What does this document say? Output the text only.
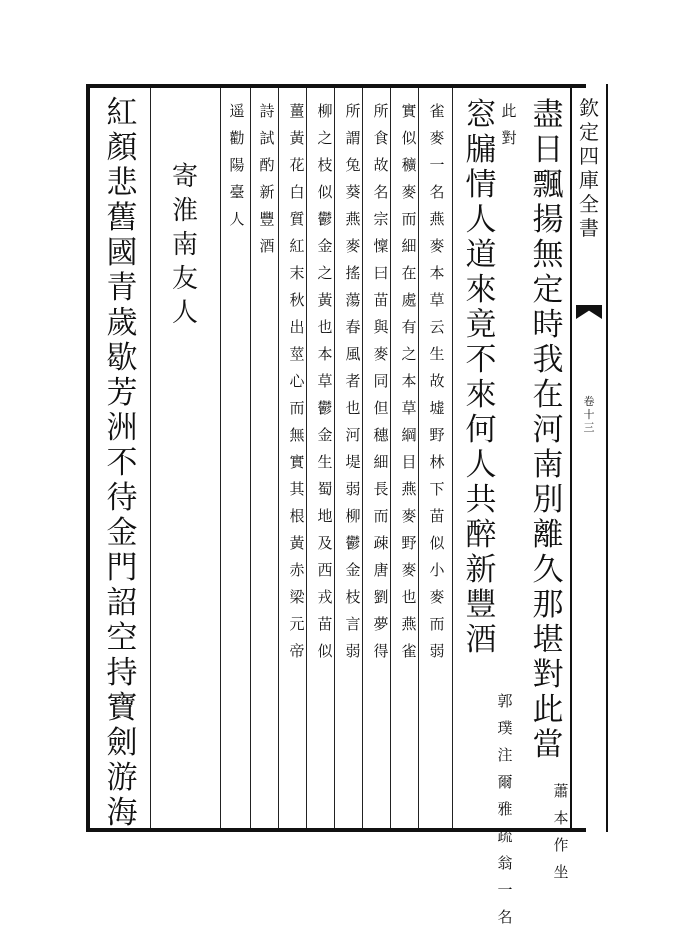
欽
定
四
庫
全
書
卷
十
三
盡
日
飄
揚
無
定
時
我
在
河
南
別
離
久
那
堪
對
此
當
蕭
本
作
坐
此
對
窓
牖
情
人
道
來
竟
不
來
何
人
共
醉
新
豐
酒
郭
璞
注
爾
雅
疏
翁
一
名
雀
麥
一
名
燕
麥
本
草
云
生
故
墟
野
林
下
苗
似
小
麥
而
弱
實
似
穬
麥
而
細
在
處
有
之
本
草
綱
目
燕
麥
野
麥
也
燕
雀
所
食
故
名
宗
懍
曰
苗
與
麥
同
但
穗
細
長
而
疎
唐
劉
夢
得
所
謂
兔
葵
燕
麥
搖
蕩
春
風
者
也
河
堤
弱
柳
鬱
金
枝
言
弱
柳
之
枝
似
鬱
金
之
黃
也
本
草
鬱
金
生
蜀
地
及
西
戎
苗
似
薑
黃
花
白
質
紅
末
秋
出
莖
心
而
無
實
其
根
黃
赤
梁
元
帝
詩
試
酌
新
豐
酒
遥
勸
陽
臺
人
寄
淮
南
友
人
紅
顏
悲
舊
國
青
歲
歇
芳
洲
不
待
金
門
詔
空
持
寶
劍
游
海
